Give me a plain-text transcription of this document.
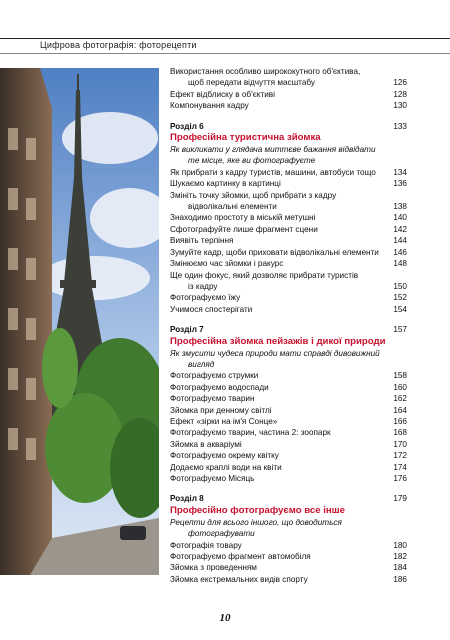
Цифрова фотографія: фоторецепти
Використання особливо ширококутного об'єктива,
щоб передати відчуття масштабу	126
Ефект відблиску в об'єктиві	128
Компонування кадру	130
Розділ 6	133
Професійна туристична зйомка
Як викликати у глядача миттєве бажання відвідати
те місце, яке ви фотографуєте
Як прибрати з кадру туристів, машини, автобуси тощо	134
Шукаємо картинку в картинці	136
Змініть точку зйомки, щоб прибрати з кадру
відволікальні елементи	138
Знаходимо простоту в міській метушні	140
Сфотографуйте лише фрагмент сцени	142
Виявіть терпіння	144
Зумуйте кадр, щоби приховати відволікальні елементи	146
Змінюємо час зйомки і ракурс	148
Ще один фокус, який дозволяє прибрати туристів
із кадру	150
Фотографуємо їжу	152
Учимося спостерігати	154
Розділ 7	157
Професійна зйомка пейзажів і дикої природи
Як змусити чудеса природи мати справді дивовижний
вигляд
Фотографуємо струмки	158
Фотографуємо водоспади	160
Фотографуємо тварин	162
Зйомка при денному світлі	164
Ефект «зірки на ім'я Сонце»	166
Фотографуємо тварин, частина 2: зоопарк	168
Зйомка в акваріумі	170
Фотографуємо окрему квітку	172
Додаємо краплі води на квіти	174
Фотографуємо Місяць	176
Розділ 8	179
Професійно фотографуємо все інше
Рецепти для всього іншого, що доводиться
фотографувати
Фотографія товару	180
Фотографуємо фрагмент автомобіля	182
Зйомка з проведенням	184
Зйомка екстремальних видів спорту	186
10
